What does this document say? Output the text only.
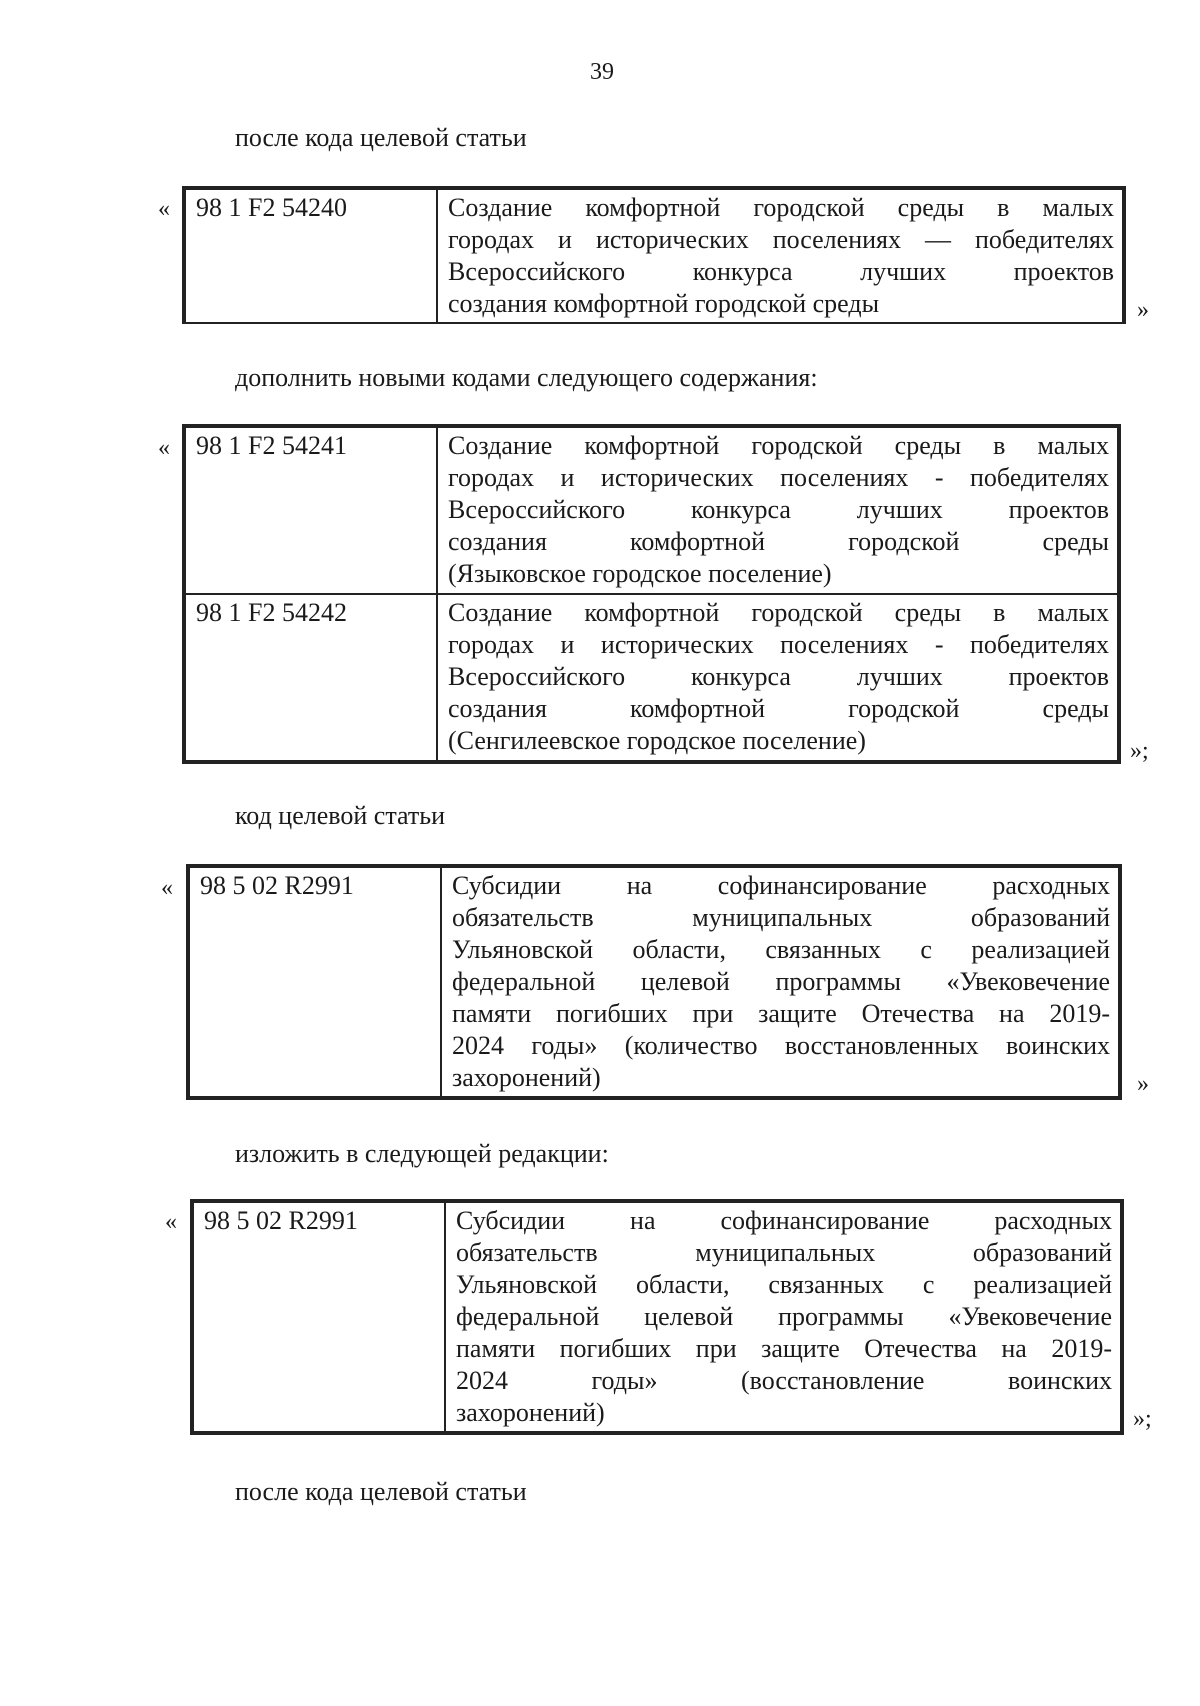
39
после кода целевой статьи
« 98 1 F2 54240	Создание комфортной городской среды в малых
городах и исторических поселениях — победителях
Всероссийского конкурса лучших проектов
создания комфортной городской среды	»
дополнить новыми кодами следующего содержания:
« 98 1 F2 54241	Создание комфортной городской среды в малых
городах и исторических поселениях - победителях
Всероссийского конкурса лучших проектов
создания комфортной городской среды
(Языковское городское поселение)

98 1 F2 54242	Создание комфортной городской среды в малых
городах и исторических поселениях - победителях
Всероссийского конкурса лучших проектов
создания комфортной городской среды
(Сенгилеевское городское поселение)	»;
код целевой статьи
« 98 5 02 R2991	Субсидии на софинансирование расходных
обязательств муниципальных образований
Ульяновской области, связанных с реализацией
федеральной целевой программы «Увековечение
памяти погибших при защите Отечества на 2019-
2024 годы» (количество восстановленных воинских
захоронений)	»
изложить в следующей редакции:
« 98 5 02 R2991	Субсидии на софинансирование расходных
обязательств муниципальных образований
Ульяновской области, связанных с реализацией
федеральной целевой программы «Увековечение
памяти погибших при защите Отечества на 2019-
2024 годы» (восстановление воинских
захоронений)	»;
после кода целевой статьи
